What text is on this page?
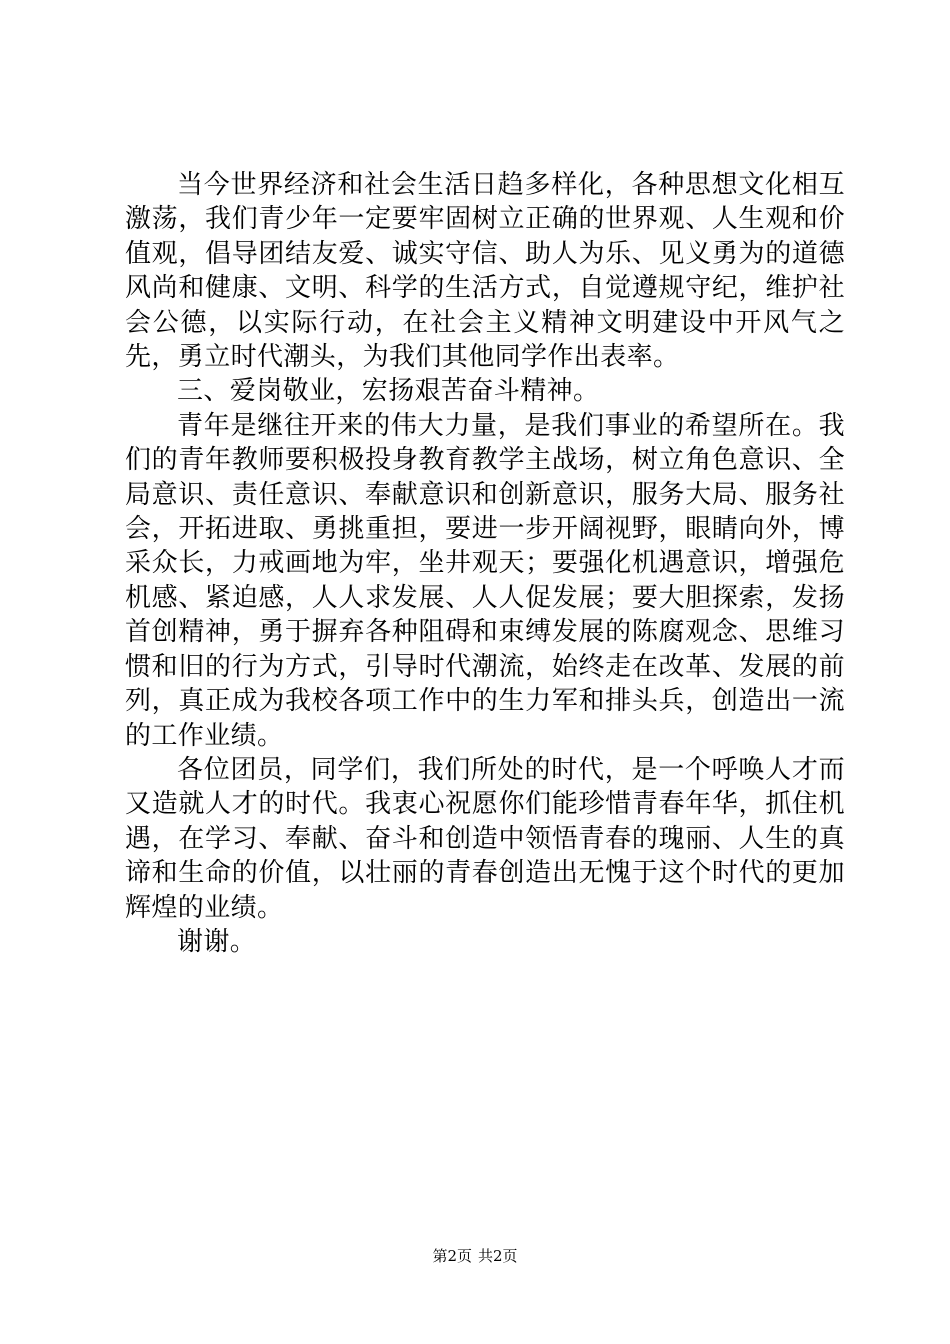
当今世界经济和社会生活日趋多样化，各种思想文化相互激荡，我们青少年一定要牢固树立正确的世界观、人生观和价值观，倡导团结友爱、诚实守信、助人为乐、见义勇为的道德风尚和健康、文明、科学的生活方式，自觉遵规守纪，维护社会公德，以实际行动，在社会主义精神文明建设中开风气之先，勇立时代潮头，为我们其他同学作出表率。

三、爱岗敬业，宏扬艰苦奋斗精神。

青年是继往开来的伟大力量，是我们事业的希望所在。我们的青年教师要积极投身教育教学主战场，树立角色意识、全局意识、责任意识、奉献意识和创新意识，服务大局、服务社会，开拓进取、勇挑重担，要进一步开阔视野，眼睛向外，博采众长，力戒画地为牢，坐井观天；要强化机遇意识，增强危机感、紧迫感，人人求发展、人人促发展；要大胆探索，发扬首创精神，勇于摒弃各种阻碍和束缚发展的陈腐观念、思维习惯和旧的行为方式，引导时代潮流，始终走在改革、发展的前列，真正成为我校各项工作中的生力军和排头兵，创造出一流的工作业绩。

各位团员，同学们，我们所处的时代，是一个呼唤人才而又造就人才的时代。我衷心祝愿你们能珍惜青春年华，抓住机遇，在学习、奉献、奋斗和创造中领悟青春的瑰丽、人生的真谛和生命的价值，以壮丽的青春创造出无愧于这个时代的更加辉煌的业绩。

谢谢。

第2页 共2页
